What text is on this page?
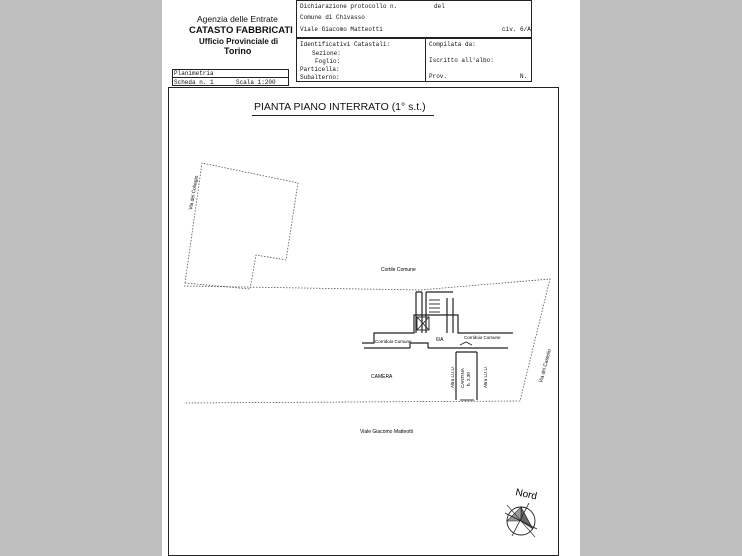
Agenzia delle Entrate
CATASTO FABBRICATI
Ufficio Provinciale di
Torino
Dichiarazione protocollo n.	del
Comune di Chivasso
Viale Giacomo Matteotti	civ. 6/A
Identificativi Catastali:
Sezione:
Foglio:
Particella:
Subalterno:
Compilata da:
Iscritto all'albo:
Prov.	N.
Planimetria
Scheda n. 1	Scala 1:200
PIANTA PIANO INTERRATO (1° s.t.)
Via del Collegio
Cortile Comune
Corridoio Comune
Corridoio Comune
6/A
CAMERA	Altra U.I.U. CANTINA h. 2,30	Altra U.I.U.	Via del Castello
Viale Giacomo Matteotti
Nord
